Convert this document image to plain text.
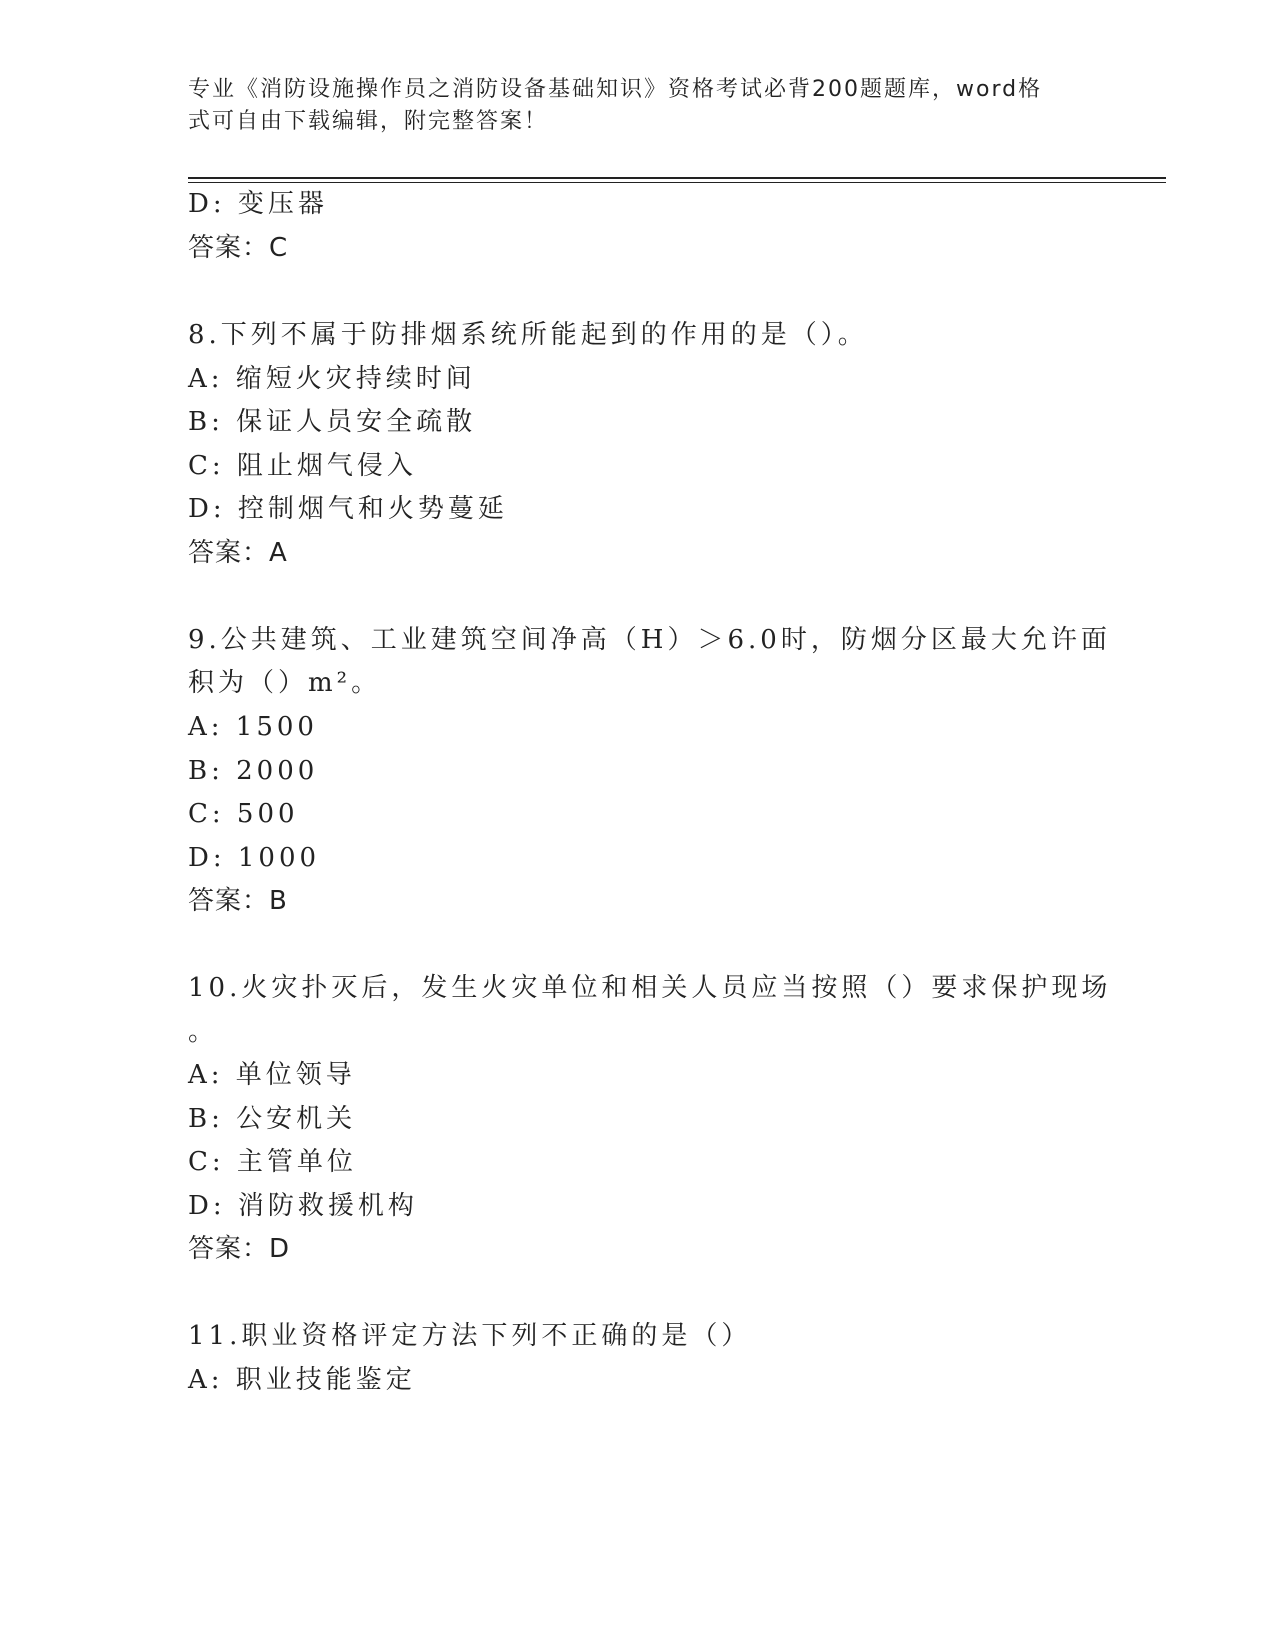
专业《消防设施操作员之消防设备基础知识》资格考试必背200题题库，word格
式可自由下载编辑，附完整答案！
D: 变压器
答案：C
8.下列不属于防排烟系统所能起到的作用的是（）。
A: 缩短火灾持续时间
B: 保证人员安全疏散
C: 阻止烟气侵入
D: 控制烟气和火势蔓延
答案：A
9.公共建筑、工业建筑空间净高（H）＞6.0时，防烟分区最大允许面
积为（）m²。
A: 1500
B: 2000
C: 500
D: 1000
答案：B
10.火灾扑灭后，发生火灾单位和相关人员应当按照（）要求保护现场
。
A: 单位领导
B: 公安机关
C: 主管单位
D: 消防救援机构
答案：D
11.职业资格评定方法下列不正确的是（）
A: 职业技能鉴定
